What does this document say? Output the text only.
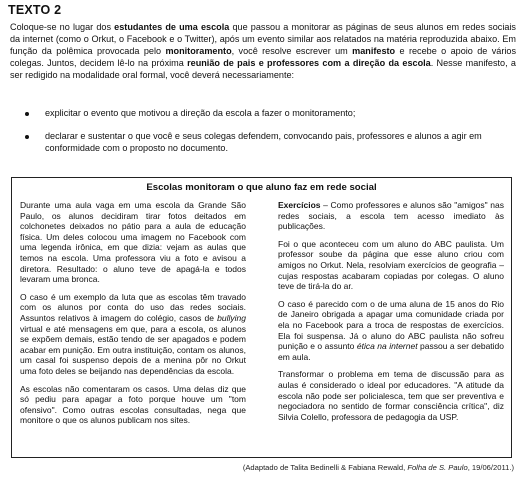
TEXTO 2
Coloque-se no lugar dos estudantes de uma escola que passou a monitorar as páginas de seus alunos em redes sociais da internet (como o Orkut, o Facebook e o Twitter), após um evento similar aos relatados na matéria reproduzida abaixo. Em função da polêmica provocada pelo monitoramento, você resolve escrever um manifesto e recebe o apoio de vários colegas. Juntos, decidem lê-lo na próxima reunião de pais e professores com a direção da escola. Nesse manifesto, a ser redigido na modalidade oral formal, você deverá necessariamente:
explicitar o evento que motivou a direção da escola a fazer o monitoramento;
declarar e sustentar o que você e seus colegas defendem, convocando pais, professores e alunos a agir em conformidade com o proposto no documento.
Escolas monitoram o que aluno faz em rede social

Durante uma aula vaga em uma escola da Grande São Paulo, os alunos decidiram tirar fotos deitados em colchonetes deixados no pátio para a aula de educação física. Um deles colocou uma imagem no Facebook com uma legenda irônica, em que dizia: vejam as aulas que temos na escola. Uma professora viu a foto e avisou a diretora. Resultado: o aluno teve de apagá-la e todos levaram uma bronca.

O caso é um exemplo da luta que as escolas têm travado com os alunos por conta do uso das redes sociais. Assuntos relativos à imagem do colégio, casos de bullying virtual e até mensagens em que, para a escola, os alunos se expõem demais, estão tendo de ser apagados e podem acabar em punição. Em outra instituição, contam os alunos, um casal foi suspenso depois de a menina pôr no Orkut uma foto deles se beijando nas dependências da escola.

As escolas não comentaram os casos. Uma delas diz que só pediu para apagar a foto porque houve um "tom ofensivo". Como outras escolas consultadas, nega que monitore o que os alunos publicam nos sites.

Exercícios – Como professores e alunos são "amigos" nas redes sociais, a escola tem acesso imediato às publicações.

Foi o que aconteceu com um aluno do ABC paulista. Um professor soube da página que esse aluno criou com amigos no Orkut. Nela, resolviam exercícios de geografia – cujas respostas acabaram copiadas por colegas. O aluno teve de tirá-la do ar.

O caso é parecido com o de uma aluna de 15 anos do Rio de Janeiro obrigada a apagar uma comunidade criada por ela no Facebook para a troca de respostas de exercícios. Ela foi suspensa. Já o aluno do ABC paulista não sofreu punição e o assunto ética na internet passou a ser debatido em aula.

Transformar o problema em tema de discussão para as aulas é considerado o ideal por educadores. "A atitude da escola não pode ser policialesca, tem que ser preventiva e negociadora no sentido de formar consciência crítica", diz Silvia Colello, professora de pedagogia da USP.

(Adaptado de Talita Bedinelli & Fabiana Rewald, Folha de S. Paulo, 19/06/2011.)
